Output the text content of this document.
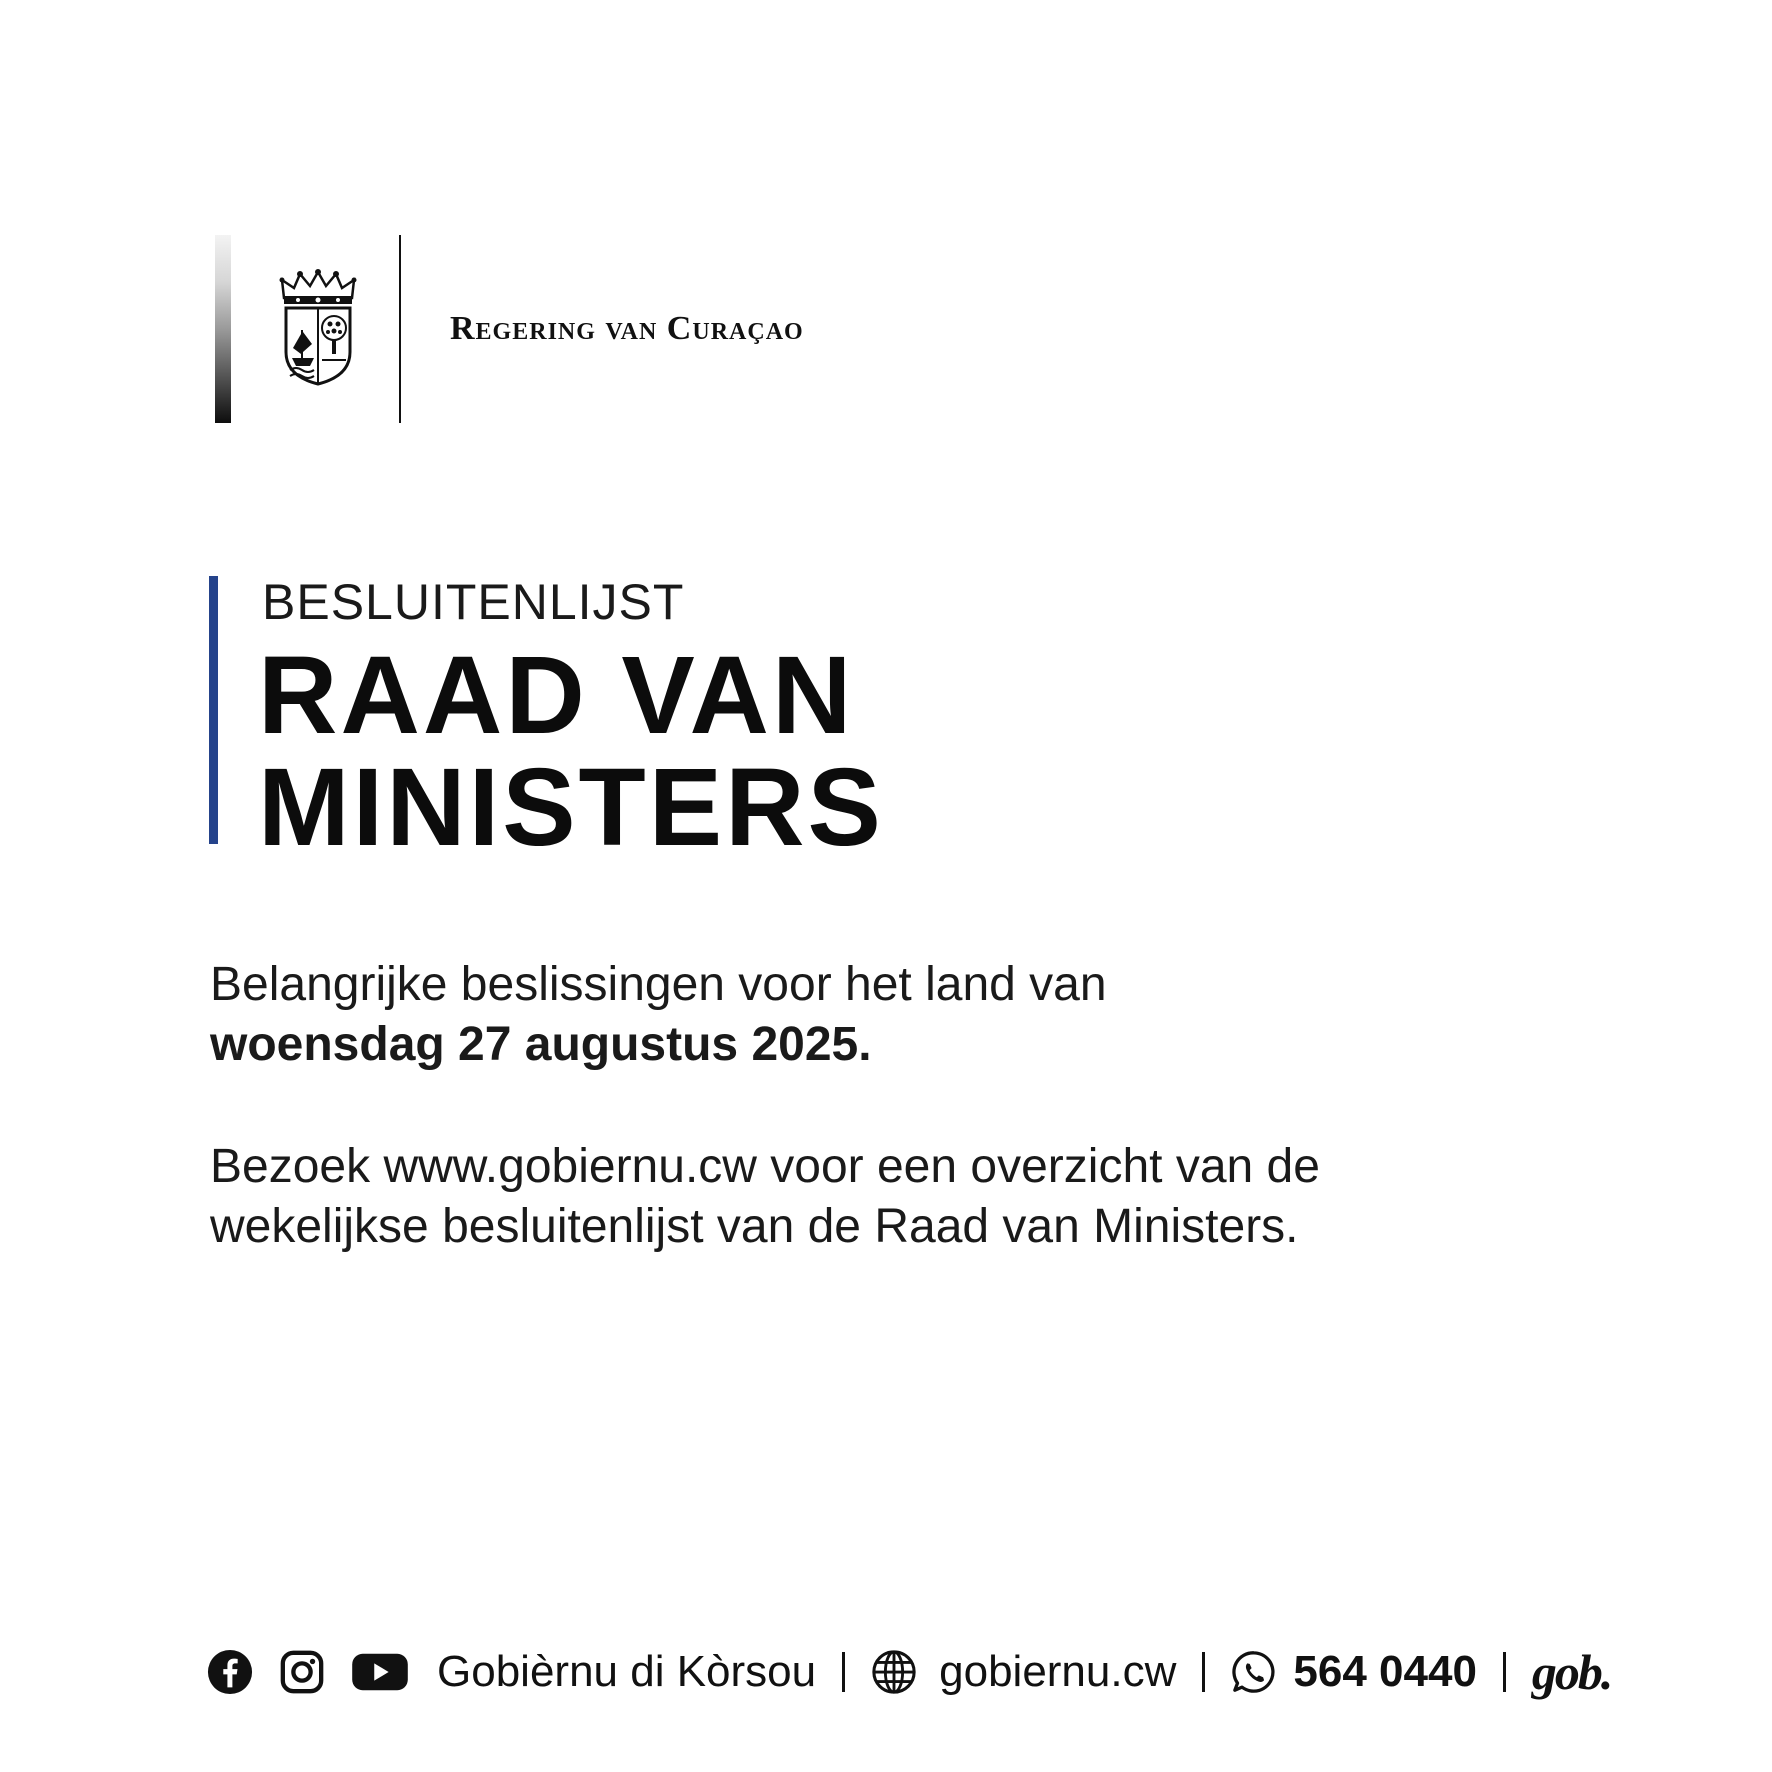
Regering van Curaçao
BESLUITENLIJST
RAAD VAN
MINISTERS
Belangrijke beslissingen voor het land van
woensdag 27 augustus 2025.
Bezoek www.gobiernu.cw voor een overzicht van de
wekelijkse besluitenlijst van de Raad van Ministers.
Gobièrnu di Kòrsou	gobiernu.cw	564 0440 gob.
